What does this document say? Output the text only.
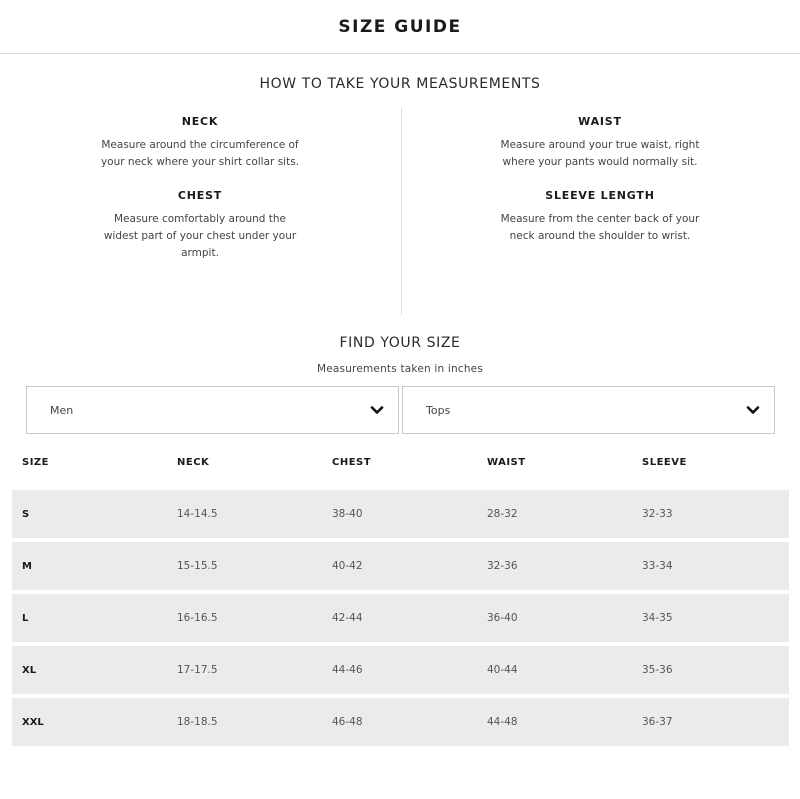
SIZE GUIDE
HOW TO TAKE YOUR MEASUREMENTS
NECK

Measure around the circumference of your neck where your shirt collar sits.

CHEST

Measure comfortably around the widest part of your chest under your armpit.

WAIST

Measure around your true waist, right where your pants would normally sit.

SLEEVE LENGTH

Measure from the center back of your neck around the shoulder to wrist.

FIND YOUR SIZE
Measurements taken in inches
Men	Tops
SIZE	NECK	CHEST	WAIST	SLEEVE
S	14-14.5	38-40	28-32	32-33
M	15-15.5	40-42	32-36	33-34
L	16-16.5	42-44	36-40	34-35
XL	17-17.5	44-46	40-44	35-36
XXL	18-18.5	46-48	44-48	36-37
